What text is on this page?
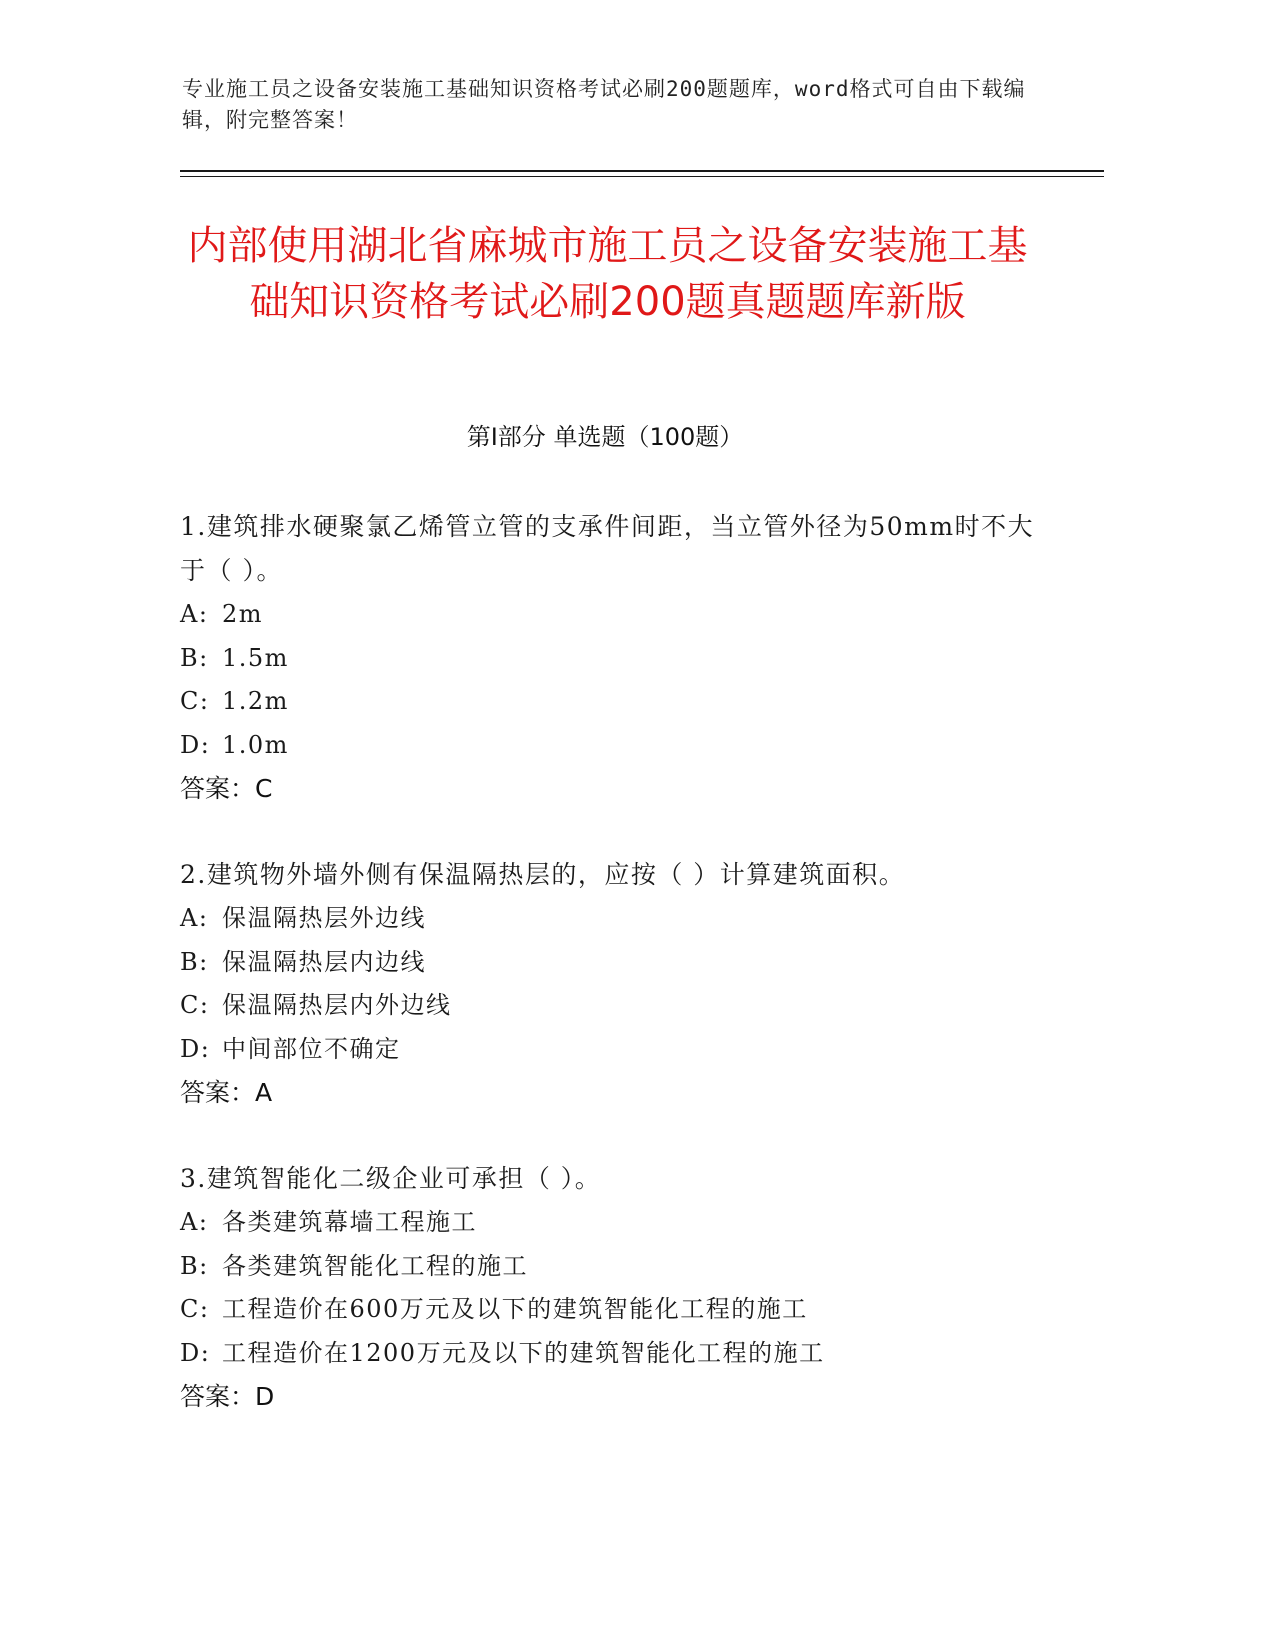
专业施工员之设备安装施工基础知识资格考试必刷200题题库，word格式可自由下载编辑，附完整答案！
内部使用湖北省麻城市施工员之设备安装施工基础知识资格考试必刷200题真题题库新版
第I部分 单选题（100题）

1.建筑排水硬聚氯乙烯管立管的支承件间距，当立管外径为50mm时不大于（ ）。

A: 2m

B: 1.5m

C: 1.2m

D: 1.0m

答案：C

2.建筑物外墙外侧有保温隔热层的，应按（ ）计算建筑面积。

A: 保温隔热层外边线

B: 保温隔热层内边线

C: 保温隔热层内外边线

D: 中间部位不确定

答案：A

3.建筑智能化二级企业可承担（ ）。

A: 各类建筑幕墙工程施工

B: 各类建筑智能化工程的施工

C: 工程造价在600万元及以下的建筑智能化工程的施工

D: 工程造价在1200万元及以下的建筑智能化工程的施工

答案：D
